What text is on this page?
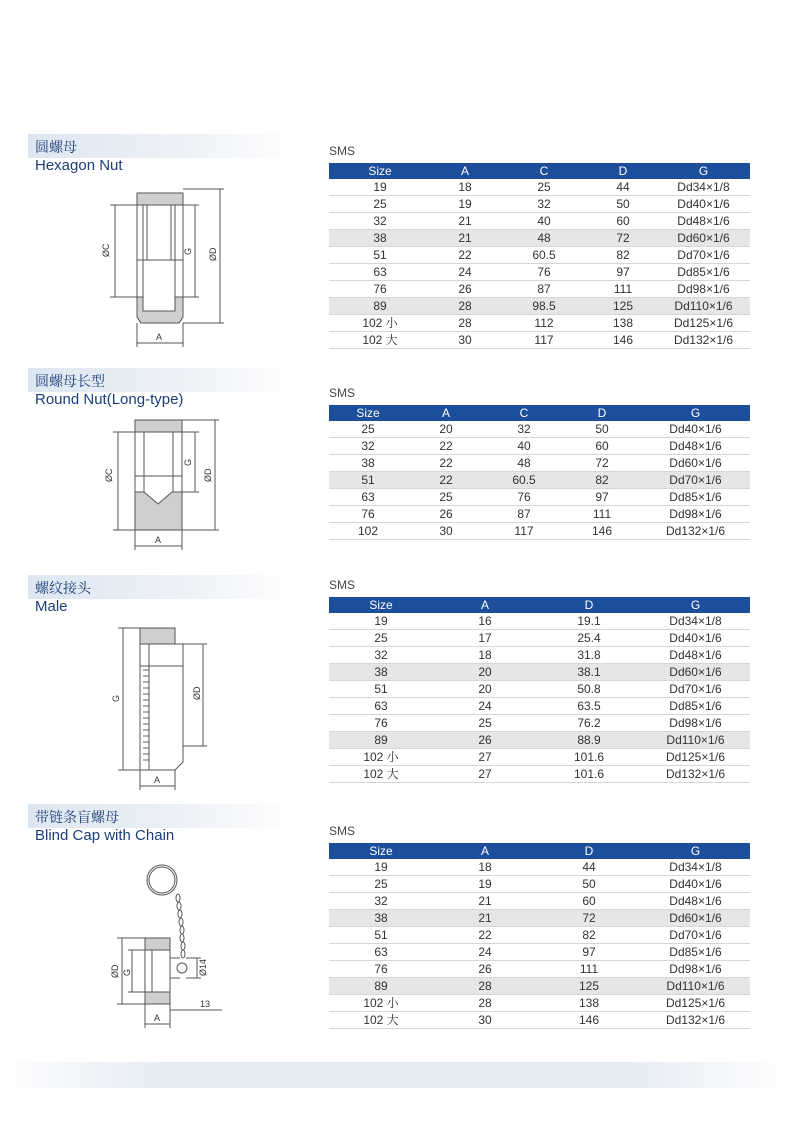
圆螺母
Hexagon Nut
SMS
Size	A	C	D	G
19	18	25	44	Dd34×1/8
25	19	32	50	Dd40×1/6
32	21	40	60	Dd48×1/6
38	21	48	72	Dd60×1/6
51	22	60.5	82	Dd70×1/6
63	24	76	97	Dd85×1/6
76	26	87	111	Dd98×1/6
89	28	98.5	125	Dd110×1/6
102 小	28	112	138	Dd125×1/6
102 大	30	117	146	Dd132×1/6
ØC	G ØD
A
圆螺母长型
Round Nut(Long-type)	SMS
Size	A	C	D	G
25	20	32	50	Dd40×1/6
32	22	40	60	Dd48×1/6
38	22	48	72	Dd60×1/6
51	22	60.5	82	Dd70×1/6
63	25	76	97	Dd85×1/6
76	26	87	111	Dd98×1/6
102	30	117	146	Dd132×1/6
ØC
G
ØD
A
螺纹接头
Male
SMS
Size	A	D	G
19	16	19.1	Dd34×1/8
25	17	25.4	Dd40×1/6
32	18	31.8	Dd48×1/6
38	20	38.1	Dd60×1/6
51	20	50.8	Dd70×1/6
63	24	63.5	Dd85×1/6
76	25	76.2	Dd98×1/6
89	26	88.9	Dd110×1/6
102 小	27	101.6	Dd125×1/6
102 大	27	101.6	Dd132×1/6
G	ØD
A
带链条盲螺母
Blind Cap with Chain	SMS
Size	A	D	G
19	18	44	Dd34×1/8
25	19	50	Dd40×1/6
32	21	60	Dd48×1/6
38	21	72	Dd60×1/6
51	22	82	Dd70×1/6
63	24	97	Dd85×1/6
76	26	111	Dd98×1/6
89	28	125	Dd110×1/6
102 小	28	138	Dd125×1/6
102 大	30	146	Dd132×1/6
ØD G	Ø14
A
13
